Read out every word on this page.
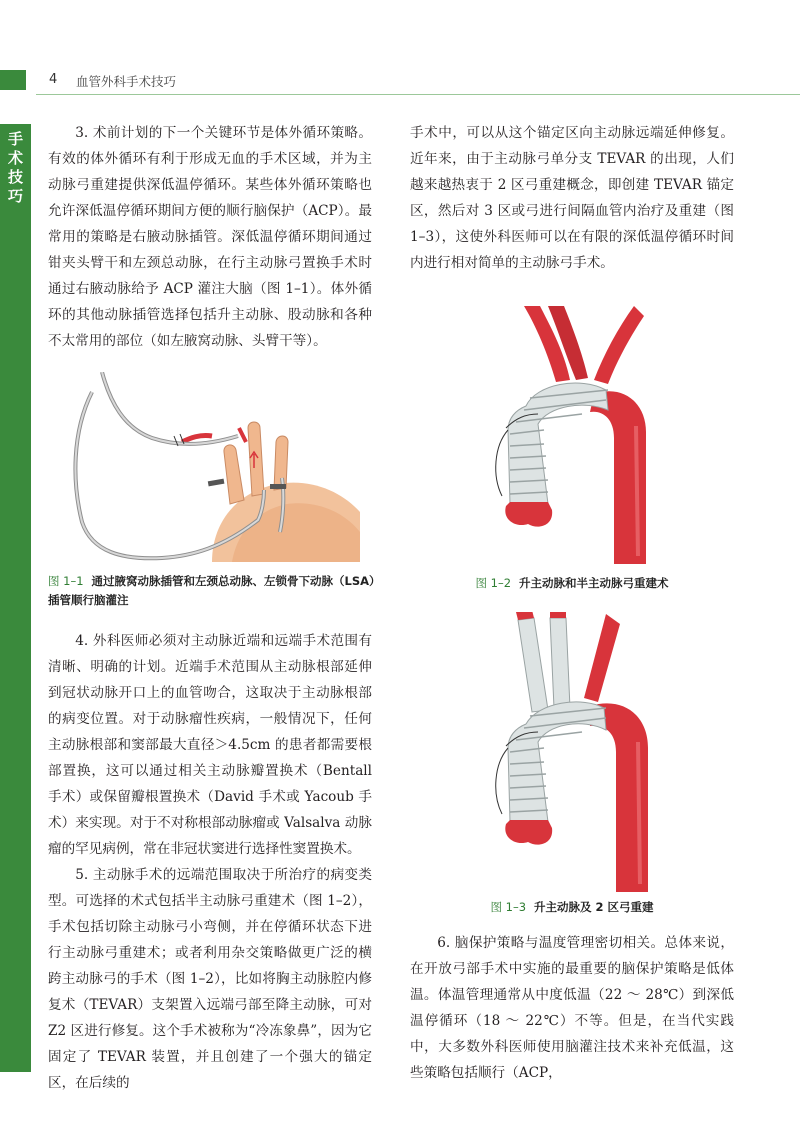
4 血管外科手术技巧
手
术
技
巧

3. 术前计划的下一个关键环节是体外循环策略。有效的体外循环有利于形成无血的手术区域，并为主动脉弓重建提供深低温停循环。某些体外循环策略也允许深低温停循环期间方便的顺行脑保护（ACP）。最常用的策略是右腋动脉插管。深低温停循环期间通过钳夹头臂干和左颈总动脉，在行主动脉弓置换手术时通过右腋动脉给予 ACP 灌注大脑（图 1–1）。体外循环的其他动脉插管选择包括升主动脉、股动脉和各种不太常用的部位（如左腋窝动脉、头臂干等）。

图 1–1 通过腋窝动脉插管和左颈总动脉、左锁骨下动脉（LSA）插管顺行脑灌注

4. 外科医师必须对主动脉近端和远端手术范围有清晰、明确的计划。近端手术范围从主动脉根部延伸到冠状动脉开口上的血管吻合，这取决于主动脉根部的病变位置。对于动脉瘤性疾病，一般情况下，任何主动脉根部和窦部最大直径＞4.5cm 的患者都需要根部置换，这可以通过相关主动脉瓣置换术（Bentall 手术）或保留瓣根置换术（David 手术或 Yacoub 手术）来实现。对于不对称根部动脉瘤或 Valsalva 动脉瘤的罕见病例，常在非冠状窦进行选择性窦置换术。

5. 主动脉手术的远端范围取决于所治疗的病变类型。可选择的术式包括半主动脉弓重建术（图 1–2），手术包括切除主动脉弓小弯侧，并在停循环状态下进行主动脉弓重建术；或者利用杂交策略做更广泛的横跨主动脉弓的手术（图 1–2），比如将胸主动脉腔内修复术（TEVAR）支架置入远端弓部至降主动脉，可对 Z2 区进行修复。这个手术被称为“冷冻象鼻”，因为它固定了 TEVAR 装置，并且创建了一个强大的锚定区，在后续的

手术中，可以从这个锚定区向主动脉远端延伸修复。近年来，由于主动脉弓单分支 TEVAR 的出现，人们越来越热衷于 2 区弓重建概念，即创建 TEVAR 锚定区，然后对 3 区或弓进行间隔血管内治疗及重建（图 1–3），这使外科医师可以在有限的深低温停循环时间内进行相对简单的主动脉弓手术。

图 1–2 升主动脉和半主动脉弓重建术
图 1–3 升主动脉及 2 区弓重建

6. 脑保护策略与温度管理密切相关。总体来说，在开放弓部手术中实施的最重要的脑保护策略是低体温。体温管理通常从中度低温（22 ～ 28℃）到深低温停循环（18 ～ 22℃）不等。但是，在当代实践中，大多数外科医师使用脑灌注技术来补充低温，这些策略包括顺行（ACP，
